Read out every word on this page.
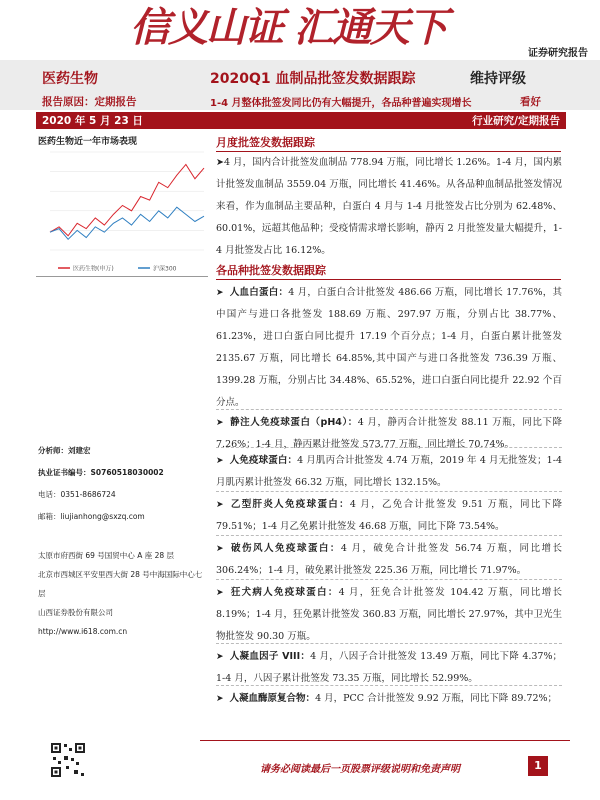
信义山证 汇通天下
证券研究报告
医药生物
报告原因：定期报告
2020Q1 血制品批签发数据跟踪
1-4 月整体批签发同比仍有大幅提升，各品种普遍实现增长
维持评级
看好
2020 年 5 月 23 日	行业研究/定期报告
医药生物近一年市场表现
医药生物(申万)	沪深300
分析师：刘建宏
执业证书编号：S0760518030002
电话：0351-8686724
邮箱：liujianhong@sxzq.com
太原市府西街 69 号国贸中心 A 座 28 层
北京市西城区平安里西大街 28 号中海国际中心七层
山西证券股份有限公司
http://www.i618.com.cn
月度批签发数据跟踪
➤4 月，国内合计批签发血制品 778.94 万瓶，同比增长 1.26%。1-4 月，国内累计批签发血制品 3559.04 万瓶，同比增长 41.46%。从各品种血制品批签发情况来看，作为血制品主要品种，白蛋白 4 月与 1-4 月批签发占比分别为 62.48%、60.01%，远超其他品种；受疫情需求增长影响，静丙 2 月批签发量大幅提升，1-4 月批签发占比 16.12%。
各品种批签发数据跟踪
➤ 人血白蛋白：4 月，白蛋白合计批签发 486.66 万瓶，同比增长 17.76%，其中国产与进口各批签发 188.69 万瓶、297.97 万瓶，分别占比 38.77%、61.23%，进口白蛋白同比提升 17.19 个百分点；1-4 月，白蛋白累计批签发 2135.67 万瓶，同比增长 64.85%,其中国产与进口各批签发 736.39 万瓶、1399.28 万瓶，分别占比 34.48%、65.52%，进口白蛋白同比提升 22.92 个百分点。
➤ 静注人免疫球蛋白（pH4）：4 月，静丙合计批签发 88.11 万瓶，同比下降 7.26%；1-4 月，静丙累计批签发 573.77 万瓶，同比增长 70.74%。
➤ 人免疫球蛋白：4 月肌丙合计批签发 4.74 万瓶，2019 年 4 月无批签发；1-4 月肌丙累计批签发 66.32 万瓶，同比增长 132.15%。
➤ 乙型肝炎人免疫球蛋白：4 月，乙免合计批签发 9.51 万瓶，同比下降 79.51%；1-4 月乙免累计批签发 46.68 万瓶，同比下降 73.54%。
➤ 破伤风人免疫球蛋白：4 月，破免合计批签发 56.74 万瓶，同比增长 306.24%；1-4 月，破免累计批签发 225.36 万瓶，同比增长 71.97%。
➤ 狂犬病人免疫球蛋白：4 月，狂免合计批签发 104.42 万瓶，同比增长 8.19%；1-4 月，狂免累计批签发 360.83 万瓶，同比增长 27.97%，其中卫光生物批签发 90.30 万瓶。
➤ 人凝血因子 VIII：4 月，八因子合计批签发 13.49 万瓶，同比下降 4.37%；1-4 月，八因子累计批签发 73.35 万瓶，同比增长 52.99%。
➤ 人凝血酶原复合物：4 月，PCC 合计批签发 9.92 万瓶，同比下降 89.72%；
请务必阅读最后一页股票评级说明和免责声明	1
